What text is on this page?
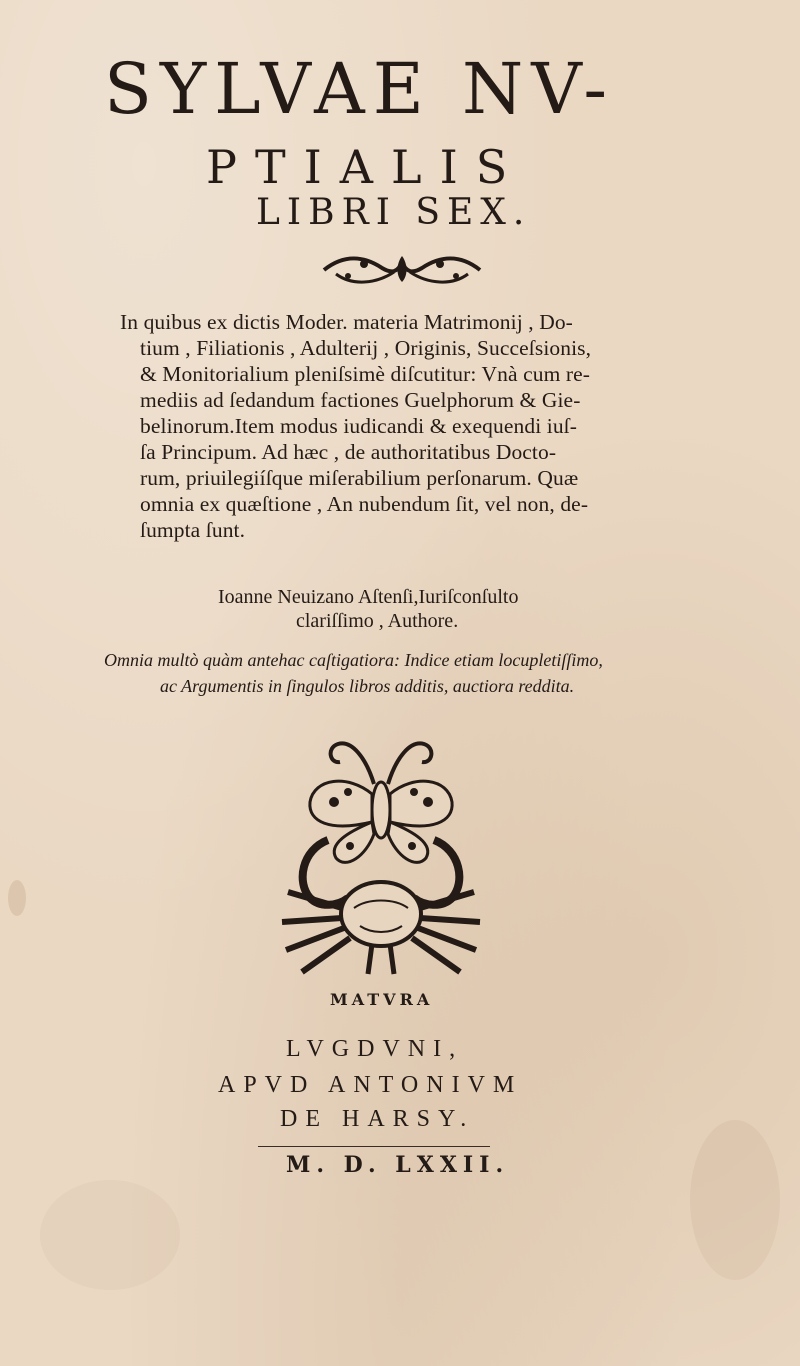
SYLVAE NV-
PTIALIS
LIBRI SEX.
In quibus ex dictis Moder. materia Matrimonij , Do-
tium , Filiationis , Adulterij , Originis, Succeſsionis,
& Monitorialium pleniſsimè diſcutitur: Vnà cum re-
mediis ad ſedandum factiones Guelphorum & Gie-
belinorum.Item modus iudicandi & exequendi iuſ-
ſa Principum. Ad hæc , de authoritatibus Docto-
rum, priuilegiíſque miſerabilium perſonarum. Quæ
omnia ex quæſtione , An nubendum ſit, vel non, de-
ſumpta ſunt.
Ioanne Neuizano Aſtenſi,Iuriſconſulto
clariſſimo , Authore.
Omnia multò quàm antehac caſtigatiora: Indice etiam locupletiſſimo,
ac Argumentis in ſingulos libros additis, auctiora reddita.
MATVRA
LVGDVNI,
APVD ANTONIVM
DE HARSY.
M. D. LXXII.
